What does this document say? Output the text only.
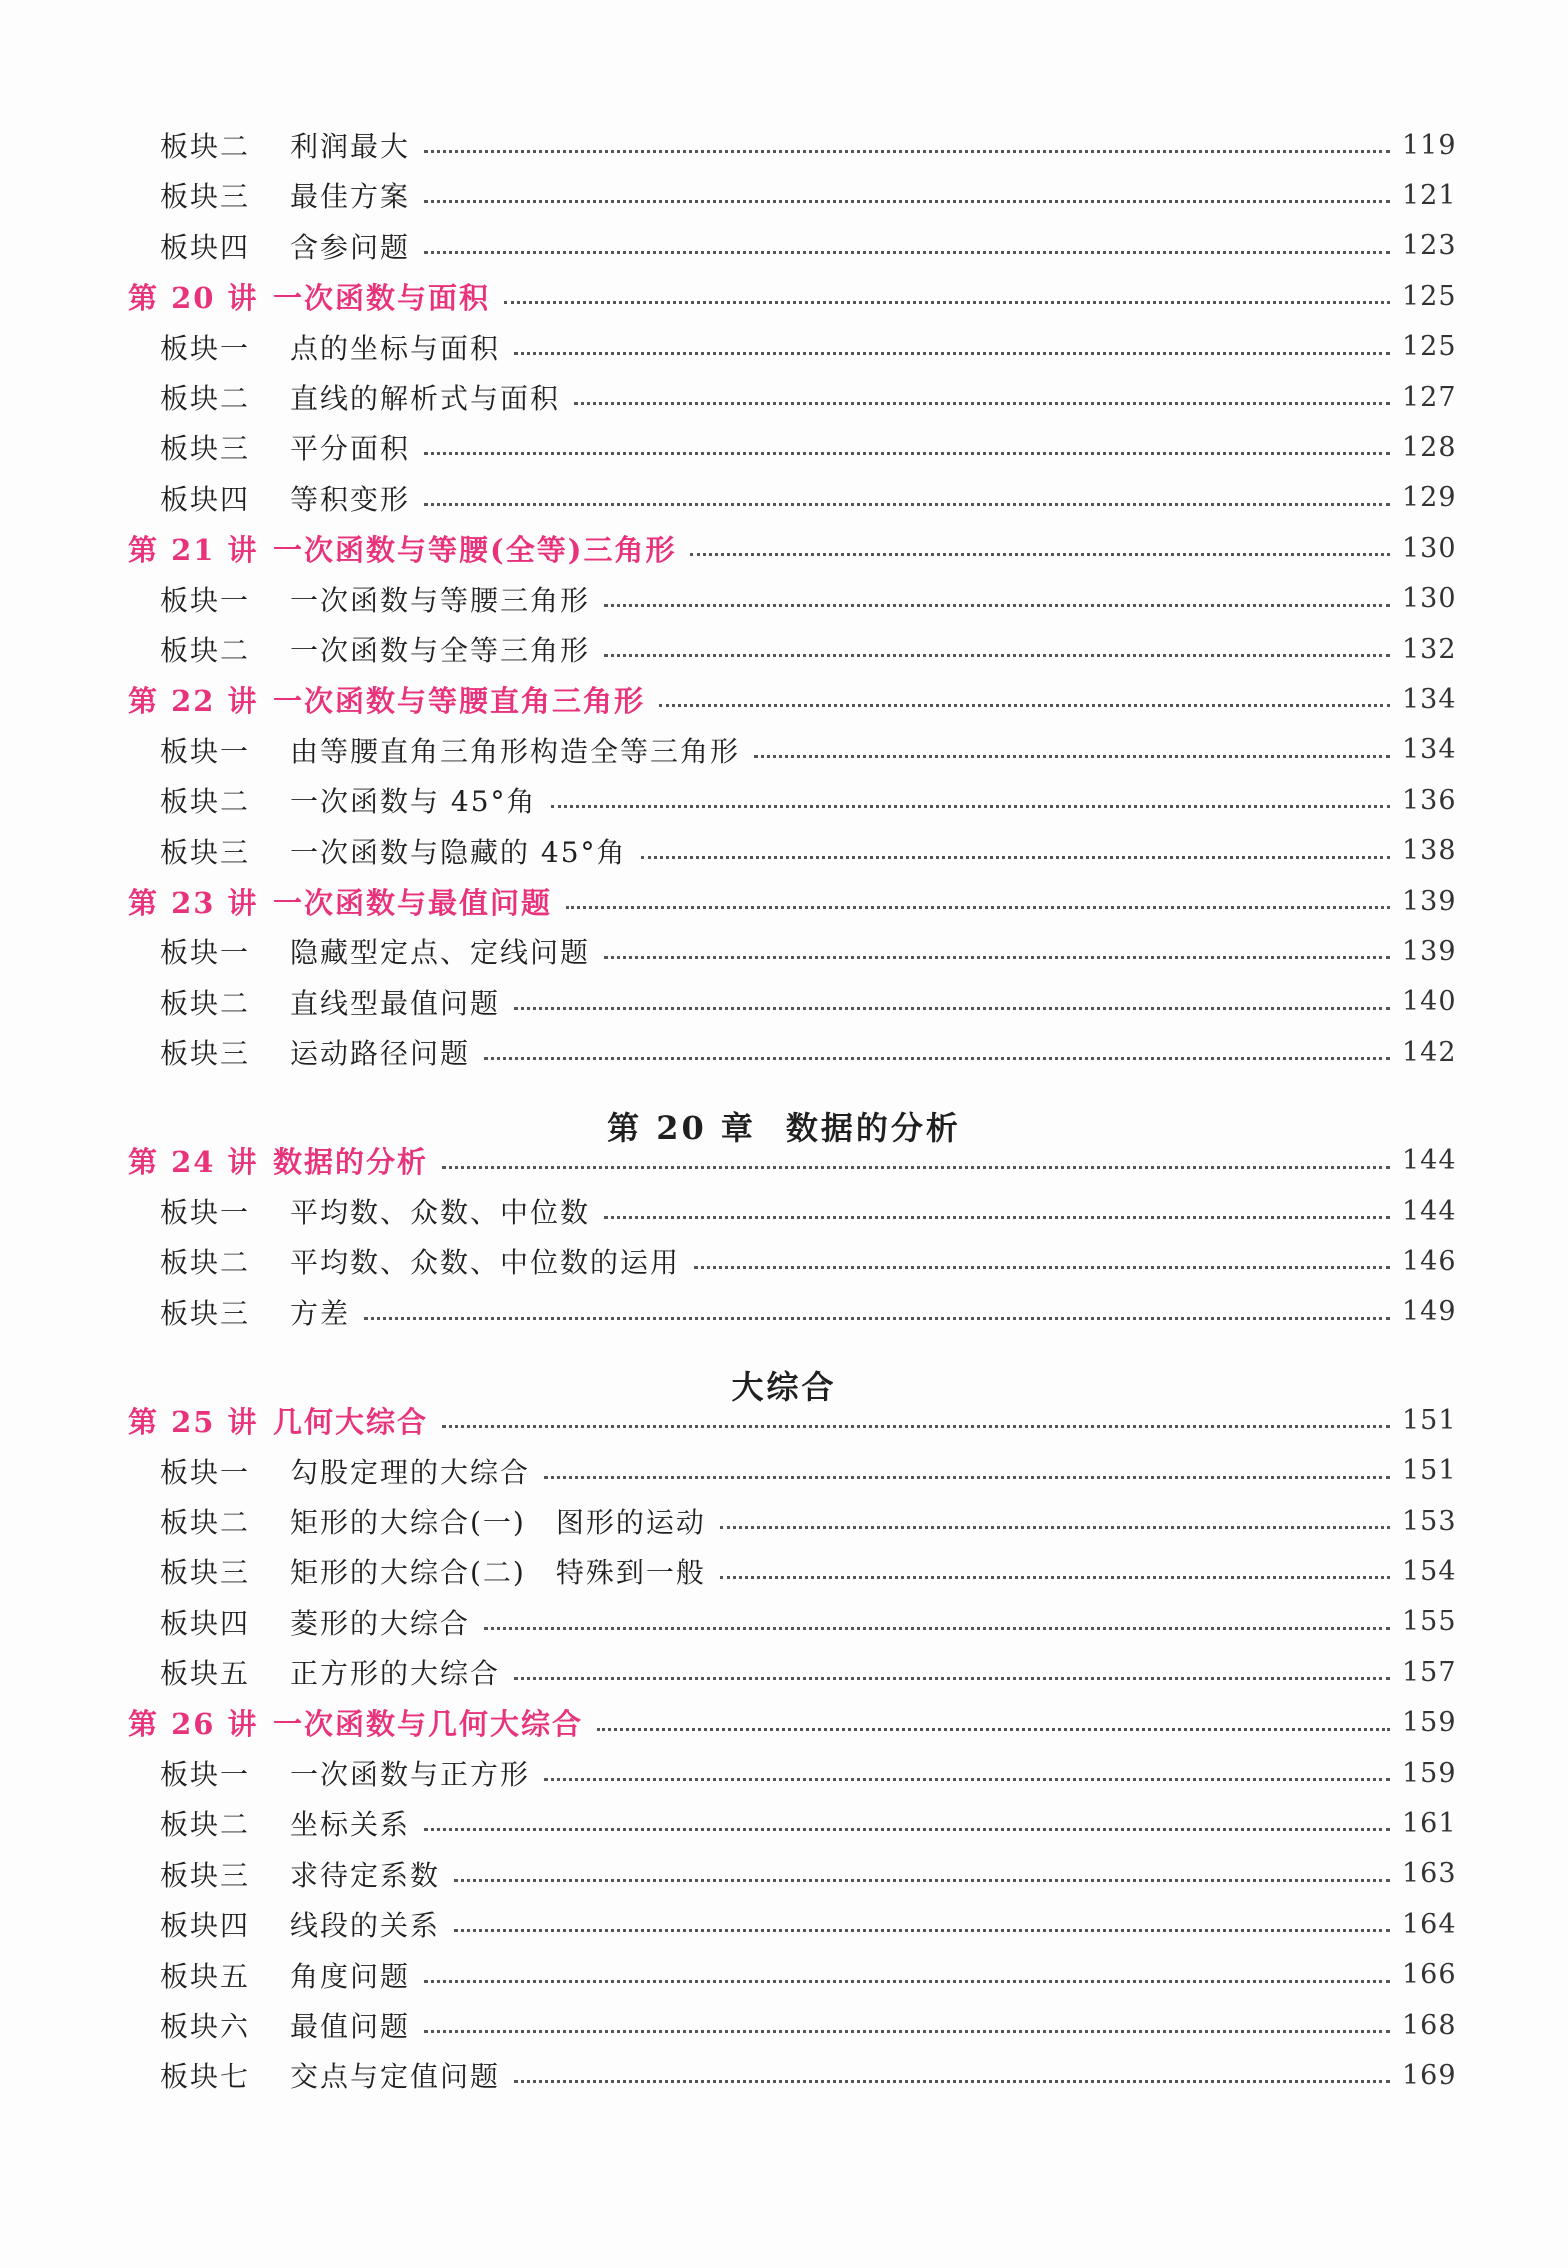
板块二	利润最大	119
板块三	最佳方案	121
板块四	含参问题	123
第 20 讲 一次函数与面积	125
板块一	点的坐标与面积	125
板块二	直线的解析式与面积	127
板块三	平分面积	128
板块四	等积变形	129
第 21 讲 一次函数与等腰(全等)三角形	130
板块一	一次函数与等腰三角形	130
板块二	一次函数与全等三角形	132
第 22 讲 一次函数与等腰直角三角形	134
板块一	由等腰直角三角形构造全等三角形	134
板块二	一次函数与 45°角	136
板块三	一次函数与隐藏的 45°角	138
第 23 讲 一次函数与最值问题	139
板块一	隐藏型定点、定线问题	139
板块二	直线型最值问题	140
板块三	运动路径问题	142
第 20 章 数据的分析
第 24 讲 数据的分析	144
板块一	平均数、众数、中位数	144
板块二	平均数、众数、中位数的运用	146
板块三	方差	149
大综合
第 25 讲 几何大综合	151
板块一	勾股定理的大综合	151
板块二	矩形的大综合(一)　图形的运动	153
板块三	矩形的大综合(二)　特殊到一般	154
板块四	菱形的大综合	155
板块五	正方形的大综合	157
第 26 讲 一次函数与几何大综合	159
板块一	一次函数与正方形	159
板块二	坐标关系	161
板块三	求待定系数	163
板块四	线段的关系	164
板块五	角度问题	166
板块六	最值问题	168
板块七	交点与定值问题	169
